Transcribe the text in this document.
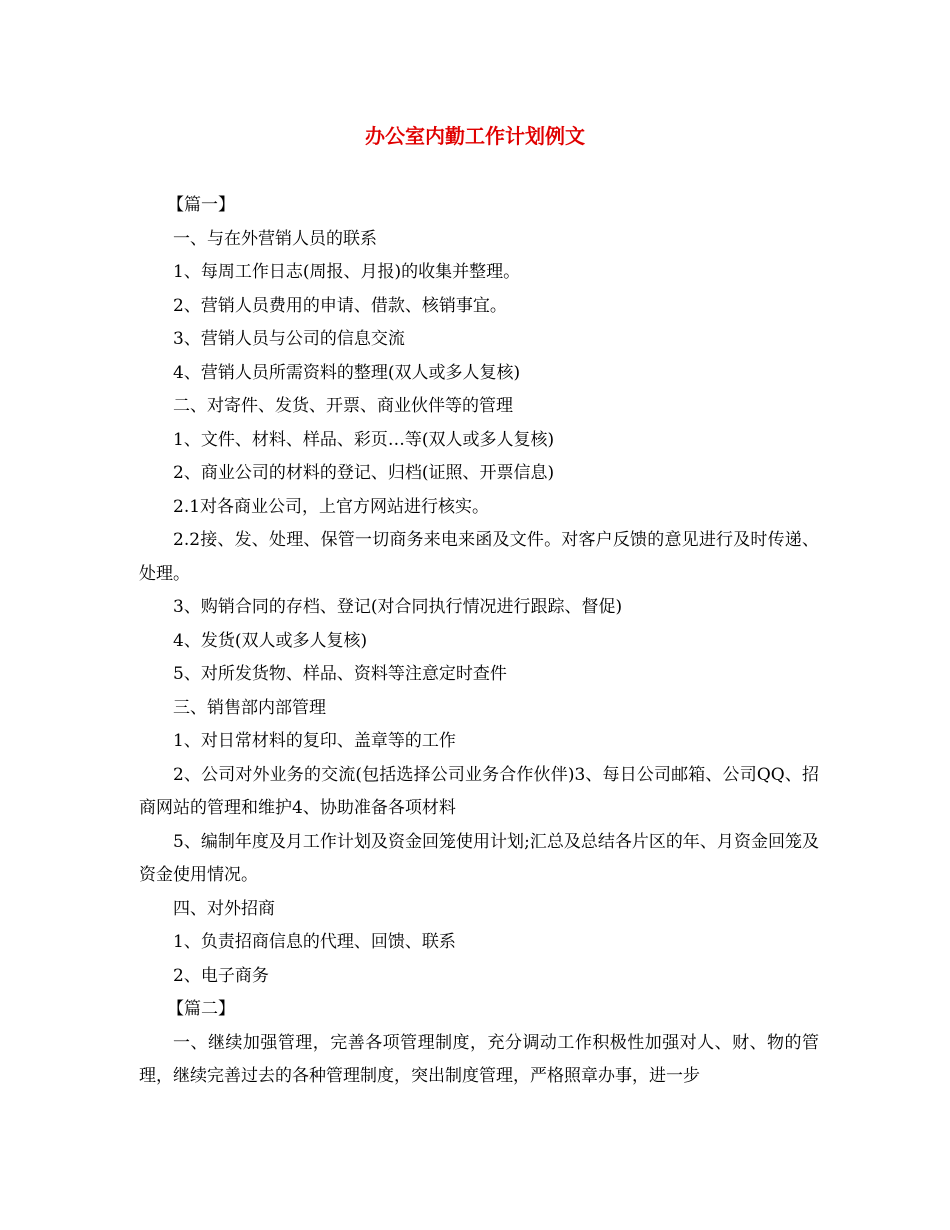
办公室内勤工作计划例文

【篇一】

一、与在外营销人员的联系

1、每周工作日志(周报、月报)的收集并整理。

2、营销人员费用的申请、借款、核销事宜。

3、营销人员与公司的信息交流

4、营销人员所需资料的整理(双人或多人复核)

二、对寄件、发货、开票、商业伙伴等的管理

1、文件、材料、样品、彩页…等(双人或多人复核)

2、商业公司的材料的登记、归档(证照、开票信息)

2.1对各商业公司，上官方网站进行核实。

2.2接、发、处理、保管一切商务来电来函及文件。对客户反馈的意见进行及时传递、处理。

3、购销合同的存档、登记(对合同执行情况进行跟踪、督促)

4、发货(双人或多人复核)

5、对所发货物、样品、资料等注意定时查件

三、销售部内部管理

1、对日常材料的复印、盖章等的工作

2、公司对外业务的交流(包括选择公司业务合作伙伴)3、每日公司邮箱、公司QQ、招商网站的管理和维护4、协助准备各项材料

5、编制年度及月工作计划及资金回笼使用计划;汇总及总结各片区的年、月资金回笼及资金使用情况。

四、对外招商

1、负责招商信息的代理、回馈、联系

2、电子商务

【篇二】

一、继续加强管理，完善各项管理制度，充分调动工作积极性加强对人、财、物的管理，继续完善过去的各种管理制度，突出制度管理，严格照章办事，进一步
